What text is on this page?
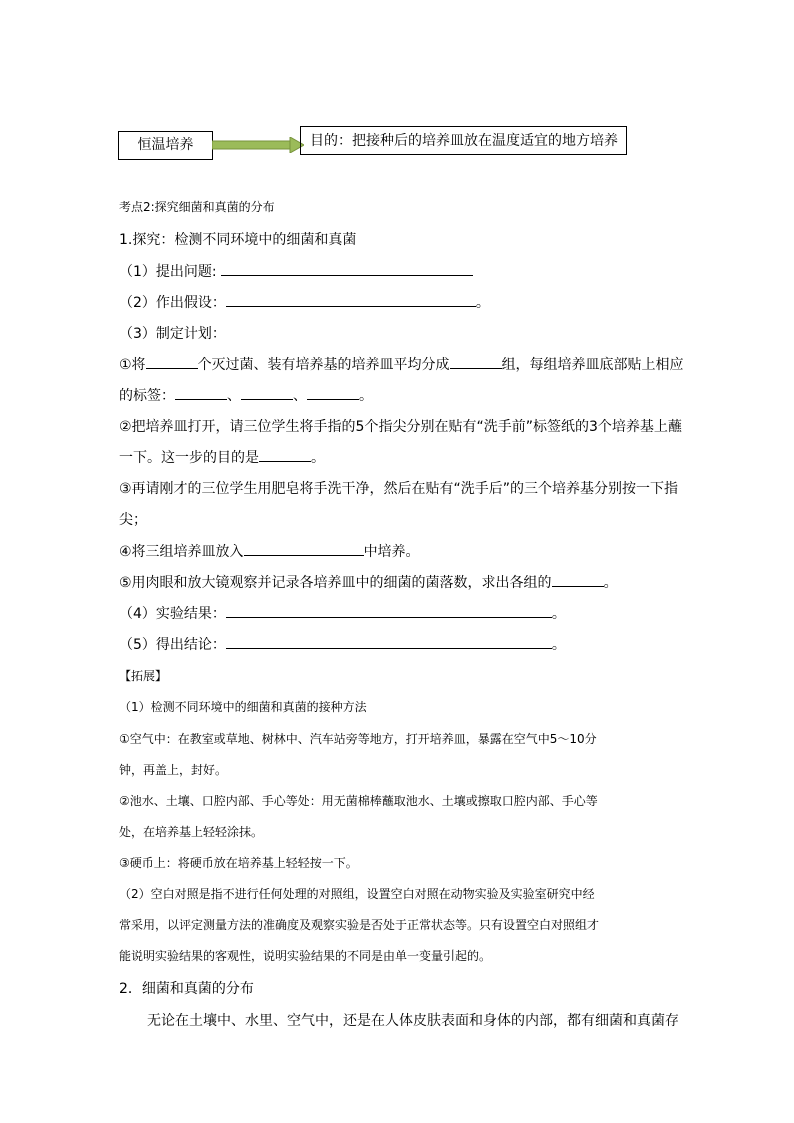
恒温培养	目的：把接种后的培养皿放在温度适宜的地方培养
考点2:探究细菌和真菌的分布
1.探究：检测不同环境中的细菌和真菌
（1）提出问题:
（2）作出假设：	。
（3）制定计划：
①将	个灭过菌、装有培养基的培养皿平均分成	组，每组培养皿底部贴上相应
的标签：	、	、	。
②把培养皿打开，请三位学生将手指的5个指尖分别在贴有“洗手前”标签纸的3个培养基上蘸
一下。这一步的目的是	。
③再请刚才的三位学生用肥皂将手洗干净，然后在贴有“洗手后”的三个培养基分别按一下指
尖；
④将三组培养皿放入	中培养。
⑤用肉眼和放大镜观察并记录各培养皿中的细菌的菌落数，求出各组的	。
（4）实验结果：	。
（5）得出结论：	。
【拓展】
（1）检测不同环境中的细菌和真菌的接种方法
①空气中：在教室或草地、树林中、汽车站旁等地方，打开培养皿，暴露在空气中5～10分
钟，再盖上，封好。
②池水、土壤、口腔内部、手心等处：用无菌棉棒蘸取池水、土壤或擦取口腔内部、手心等
处，在培养基上轻轻涂抹。
③硬币上：将硬币放在培养基上轻轻按一下。
（2）空白对照是指不进行任何处理的对照组，设置空白对照在动物实验及实验室研究中经
常采用，以评定测量方法的准确度及观察实验是否处于正常状态等。只有设置空白对照组才
能说明实验结果的客观性，说明实验结果的不同是由单一变量引起的。
2．细菌和真菌的分布
无论在土壤中、水里、空气中，还是在人体皮肤表面和身体的内部，都有细菌和真菌存
